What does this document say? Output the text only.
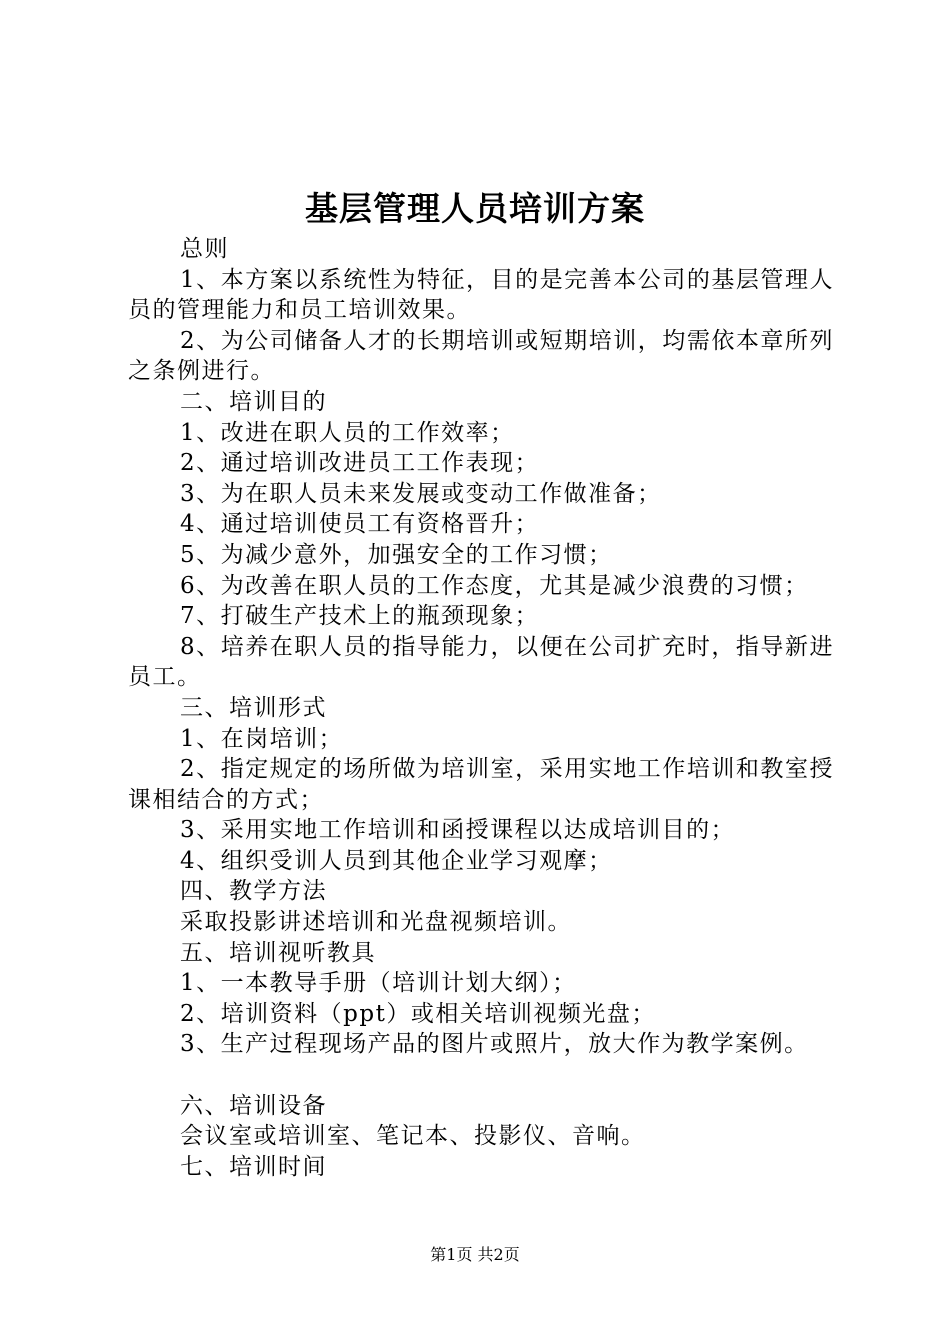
基层管理人员培训方案

总则

1、本方案以系统性为特征，目的是完善本公司的基层管理人员的管理能力和员工培训效果。

2、为公司储备人才的长期培训或短期培训，均需依本章所列之条例进行。

二、培训目的

1、改进在职人员的工作效率；

2、通过培训改进员工工作表现；

3、为在职人员未来发展或变动工作做准备；

4、通过培训使员工有资格晋升；

5、为减少意外，加强安全的工作习惯；

6、为改善在职人员的工作态度，尤其是减少浪费的习惯；

7、打破生产技术上的瓶颈现象；

8、培养在职人员的指导能力，以便在公司扩充时，指导新进员工。

三、培训形式

1、在岗培训；

2、指定规定的场所做为培训室，采用实地工作培训和教室授课相结合的方式；

3、采用实地工作培训和函授课程以达成培训目的；

4、组织受训人员到其他企业学习观摩；

四、教学方法

采取投影讲述培训和光盘视频培训。

五、培训视听教具

1、一本教导手册（培训计划大纲）；

2、培训资料（ppt）或相关培训视频光盘；

3、生产过程现场产品的图片或照片，放大作为教学案例。

六、培训设备

会议室或培训室、笔记本、投影仪、音响。

七、培训时间

第1页 共2页
